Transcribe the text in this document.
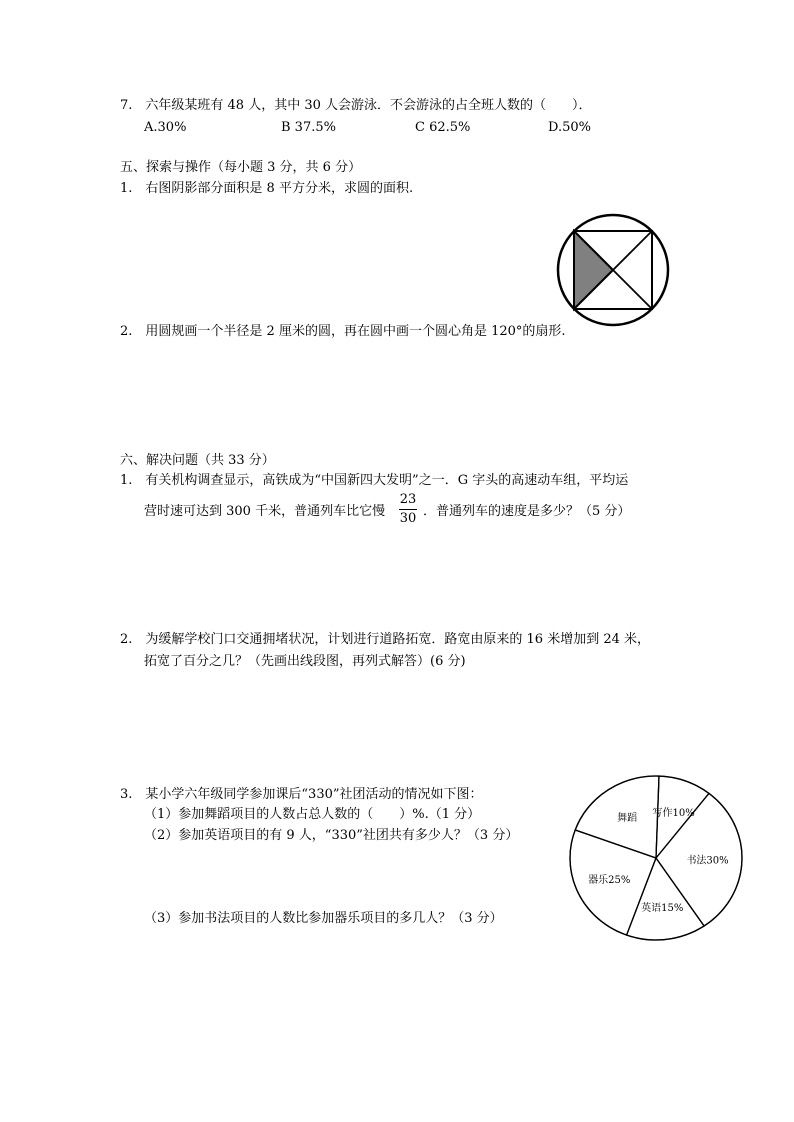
7.　六年级某班有 48 人，其中 30 人会游泳．不会游泳的占全班人数的（　　）．
A.30%	B 37.5%	C 62.5%	D.50%
五、探索与操作（每小题 3 分，共 6 分）
1.　右图阴影部分面积是 8 平方分米，求圆的面积.
2.　用圆规画一个半径是 2 厘米的圆，再在圆中画一个圆心角是 120°的扇形.
六、解决问题（共 33 分）
1.　有关机构调查显示，高铁成为“中国新四大发明”之一．G 字头的高速动车组，平均运
营时速可达到 300 千米，普通列车比它慢
23
30 ．普通列车的速度是多少？（5 分）
2.　为缓解学校门口交通拥堵状况，计划进行道路拓宽．路宽由原来的 16 米增加到 24 米，
拓宽了百分之几？（先画出线段图，再列式解答）(6 分)
3.　某小学六年级同学参加课后“330”社团活动的情况如下图：
（1）参加舞蹈项目的人数占总人数的（　　）%.（1 分）
（2）参加英语项目的有 9 人，“330”社团共有多少人？（3 分）
（3）参加书法项目的人数比参加器乐项目的多几人？（3 分）
舞蹈 写作10%
书法30%
英语15%
器乐25%
